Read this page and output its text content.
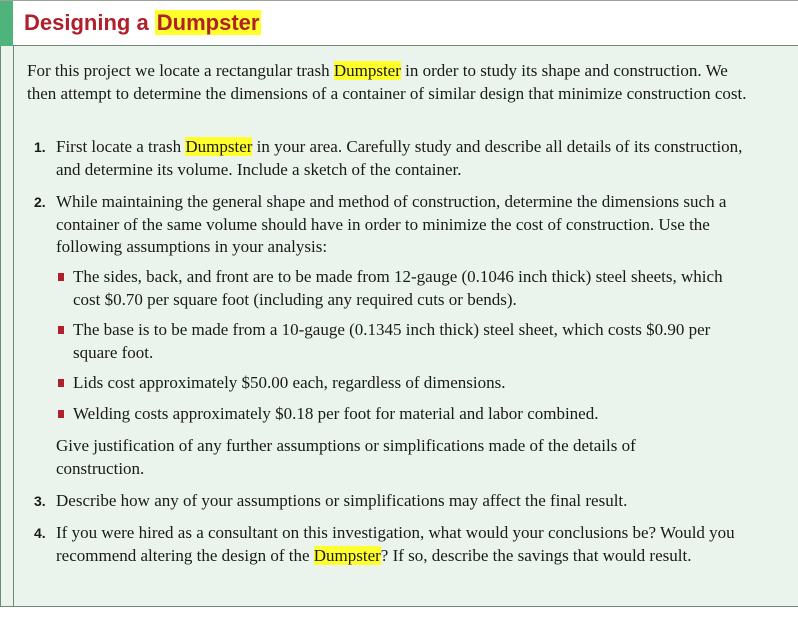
Designing a Dumpster

For this project we locate a rectangular trash Dumpster in order to study its shape and construction. We then attempt to determine the dimensions of a container of similar design that minimize construction cost.

1. First locate a trash Dumpster in your area. Carefully study and describe all details of its construction, and determine its volume. Include a sketch of the container.

2. While maintaining the general shape and method of construction, determine the dimensions such a container of the same volume should have in order to minimize the cost of construction. Use the following assumptions in your analysis:

The sides, back, and front are to be made from 12-gauge (0.1046 inch thick) steel sheets, which cost $0.70 per square foot (including any required cuts or bends).

The base is to be made from a 10-gauge (0.1345 inch thick) steel sheet, which costs $0.90 per square foot.

Lids cost approximately $50.00 each, regardless of dimensions.

Welding costs approximately $0.18 per foot for material and labor combined.

Give justification of any further assumptions or simplifications made of the details of construction.

3. Describe how any of your assumptions or simplifications may affect the final result.

4. If you were hired as a consultant on this investigation, what would your conclusions be? Would you recommend altering the design of the Dumpster? If so, describe the savings that would result.
